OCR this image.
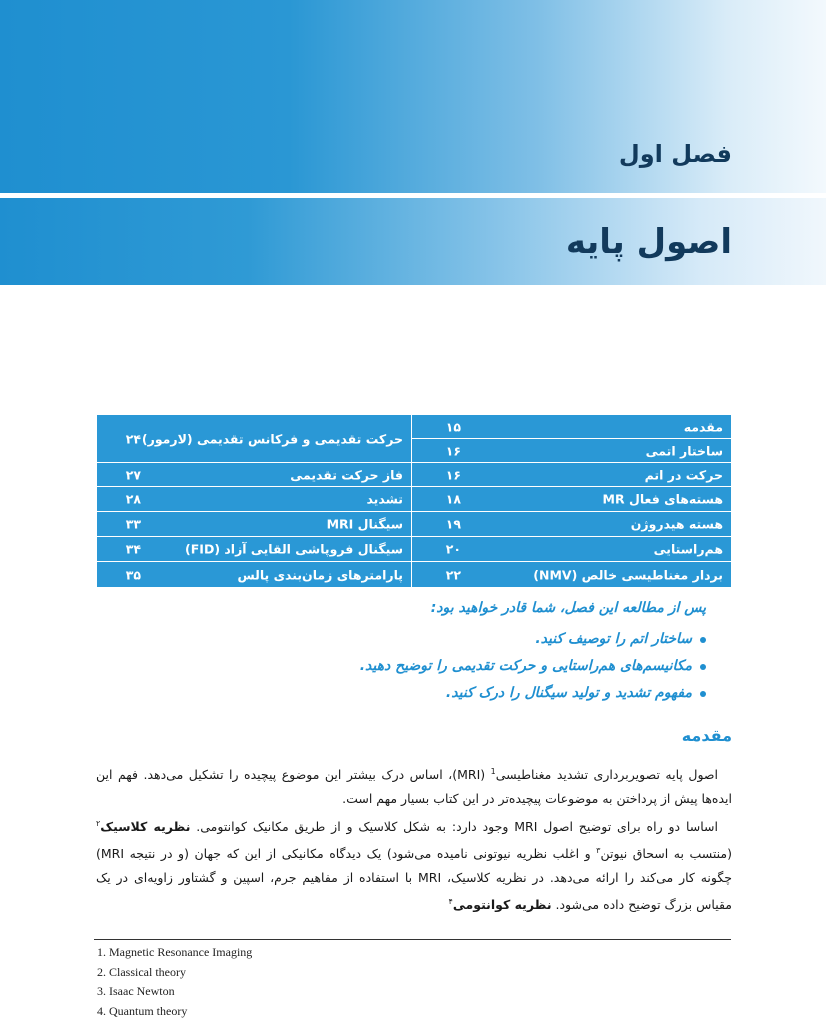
فصل اول
اصول پایه
مقدمه
۱۵
ساختار اتمی
۱۶
حرکت در اتم
۱۶
هسته‌های فعال MR
۱۸
هسته هیدروژن
۱۹
هم‌راستایی
۲۰
بردار مغناطیسی خالص (NMV)
۲۲
حرکت تقدیمی و فرکانس تقدیمی (لارمور)
۲۴
فاز حرکت تقدیمی
۲۷
تشدید
۲۸
سیگنال MRI
۳۳
سیگنال فروپاشی القایی آزاد (FID)
۳۴
پارامترهای زمان‌بندی پالس
۳۵
پس از مطالعه این فصل، شما قادر خواهید بود:
ساختار اتم را توصیف کنید.
مکانیسم‌های هم‌راستایی و حرکت تقدیمی را توضیح دهید.
مفهوم تشدید و تولید سیگنال را درک کنید.
مقدمه
اصول پایه تصویربرداری تشدید مغناطیسی$^1$ (MRI)، اساس درک بیشتر این موضوع پیچیده را تشکیل می‌دهد. فهم این ایده‌ها پیش از پرداختن به موضوعات پیچیده‌تر در این کتاب بسیار مهم است.
اساسا دو راه برای توضیح اصول MRI وجود دارد: به شکل کلاسیک و از طریق مکانیک کوانتومی. نظریه کلاسیک$^۲$ (منتسب به اسحاق نیوتن$^۳$ و اغلب نظریه نیوتونی نامیده می‌شود) یک دیدگاه مکانیکی از این که جهان (و در نتیجه MRI) چگونه کار می‌کند را ارائه می‌دهد. در نظریه کلاسیک، MRI با استفاده از مفاهیم جرم، اسپین و گشتاور زاویه‌ای در یک مقیاس بزرگ توضیح داده می‌شود. نظریه کوانتومی$^۴$
1. Magnetic Resonance Imaging
2. Classical theory
3. Isaac Newton
4. Quantum theory
